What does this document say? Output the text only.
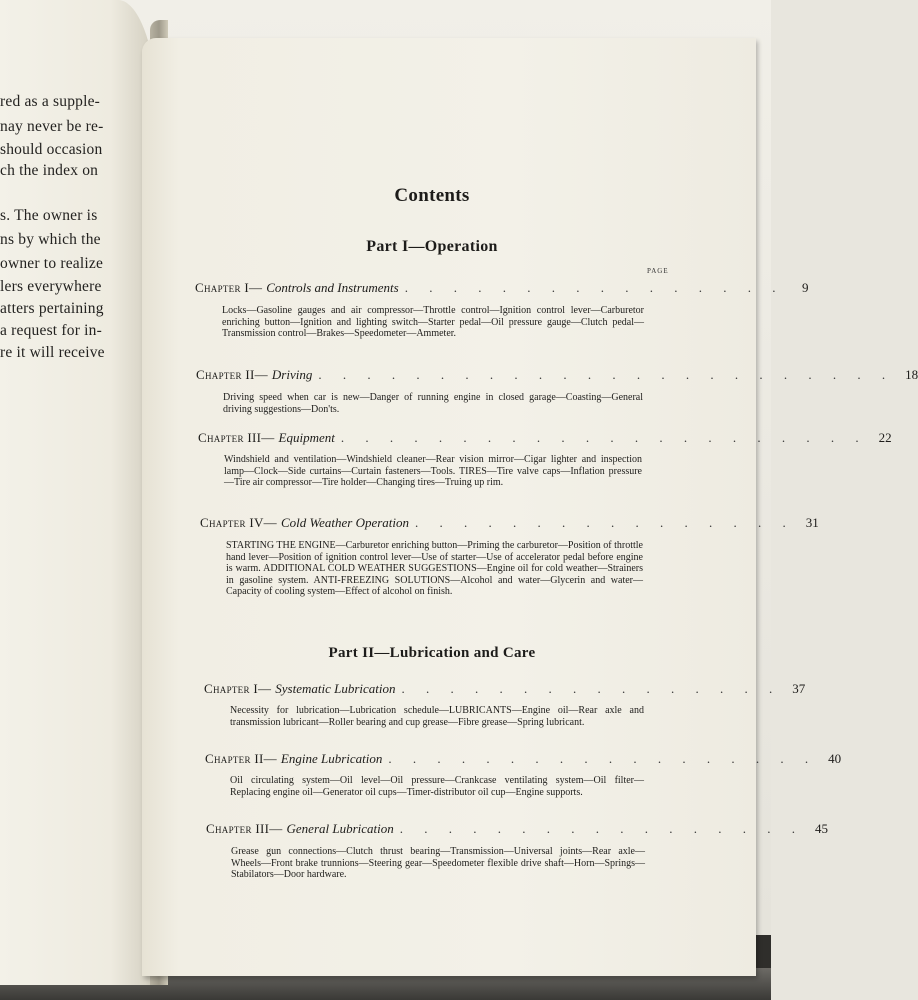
red as a supple-
nay never be re-
should occasion
ch the index on
s. The owner is
ns by which the
owner to realize
lers everywhere
atters pertaining
a request for in-
re it will receive
Contents
Part I—Operation
PAGE
Chapter I— Controls and Instruments . . . . . . . . . . . . . . . .	9
Locks—Gasoline gauges and air compressor—Throttle control—Ignition control lever—Carburetor enriching button—Ignition and lighting switch—Starter pedal—Oil pressure gauge—Clutch pedal—Transmission control—Brakes—Speedometer—Ammeter.
Chapter II— Driving . . . . . . . . . . . . . . . . . . . . . . . . 18
Driving speed when car is new—Danger of running engine in closed garage—Coasting—General driving suggestions—Don'ts.
Chapter III— Equipment . . . . . . . . . . . . . . . . . . . . . . 22
Windshield and ventilation—Windshield cleaner—Rear vision mirror—Cigar lighter and inspection lamp—Clock—Side curtains—Curtain fasteners—Tools. TIRES—Tire valve caps—Inflation pressure—Tire air compressor—Tire holder—Changing tires—Truing up rim.
Chapter IV— Cold Weather Operation . . . . . . . . . . . . . . . . 31
STARTING THE ENGINE—Carburetor enriching button—Priming the carburetor—Position of throttle hand lever—Position of ignition control lever—Use of starter—Use of accelerator pedal before engine is warm. ADDITIONAL COLD WEATHER SUGGESTIONS—Engine oil for cold weather—Strainers in gasoline system. ANTI-FREEZING SOLUTIONS—Alcohol and water—Glycerin and water—Capacity of cooling system—Effect of alcohol on finish.
Part II—Lubrication and Care
Chapter I— Systematic Lubrication . . . . . . . . . . . . . . . . 37
Necessity for lubrication—Lubrication schedule—LUBRICANTS—Engine oil—Rear axle and transmission lubricant—Roller bearing and cup grease—Fibre grease—Spring lubricant.
Chapter II— Engine Lubrication . . . . . . . . . . . . . . . . . . 40
Oil circulating system—Oil level—Oil pressure—Crankcase ventilating system—Oil filter—Replacing engine oil—Generator oil cups—Timer-distributor oil cup—Engine supports.
Chapter III— General Lubrication . . . . . . . . . . . . . . . . . 45
Grease gun connections—Clutch thrust bearing—Transmission—Universal joints—Rear axle—Wheels—Front brake trunnions—Steering gear—Speedometer flexible drive shaft—Horn—Springs—Stabilators—Door hardware.
